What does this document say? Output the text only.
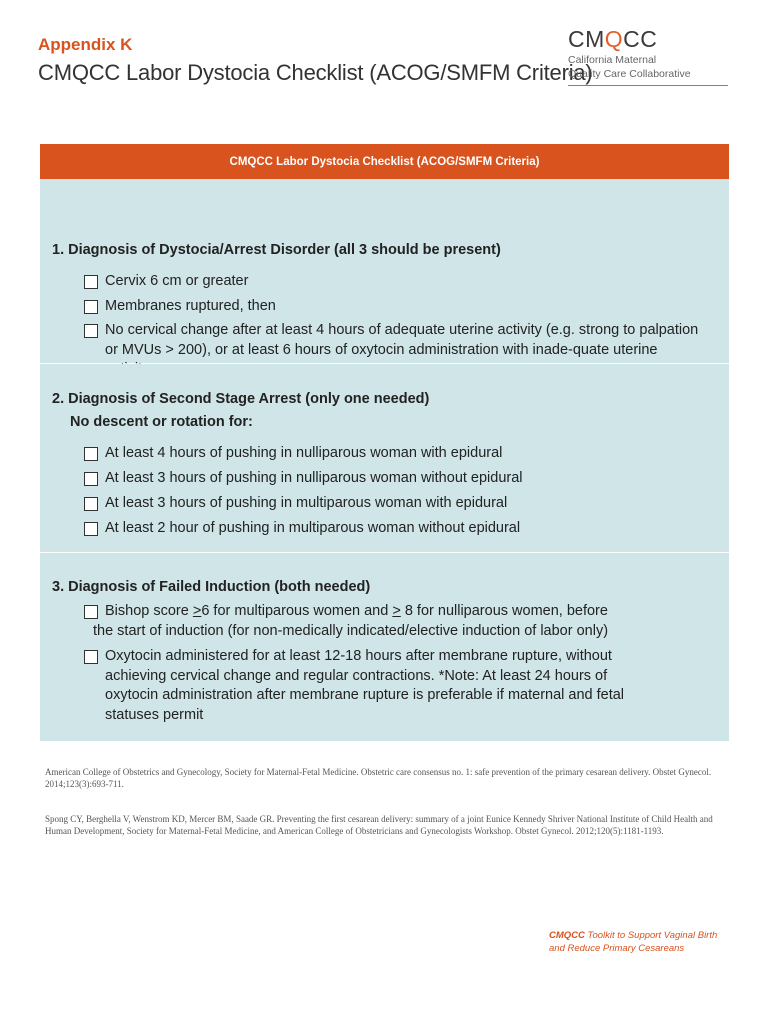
Appendix K
CMQCC Labor Dystocia Checklist (ACOG/SMFM Criteria)
CMQCC
California Maternal
Quality Care Collaborative
CMQCC Labor Dystocia Checklist (ACOG/SMFM Criteria)
1. Diagnosis of Dystocia/Arrest Disorder (all 3 should be present)
Cervix 6 cm or greater
Membranes ruptured, then
No cervical change after at least 4 hours of adequate uterine activity (e.g. strong to palpation or MVUs > 200), or at least 6 hours of oxytocin administration with inade-quate uterine
2. Diagnosis of Second Stage Arrest (only one needed)
No descent or rotation for:
At least 4 hours of pushing in nulliparous woman with epidural
At least 3 hours of pushing in nulliparous woman without epidural
At least 3 hours of pushing in multiparous woman with epidural
At least 2 hour of pushing in multiparous woman without epidural
3. Diagnosis of Failed Induction (both needed)
Bishop score ≥6 for multiparous women and ≥ 8 for nulliparous women, before
the start of induction (for non-medically indicated/elective induction of labor only)
Oxytocin administered for at least 12-18 hours after membrane rupture, without achieving cervical change and regular contractions. *Note: At least 24 hours of oxytocin administration after membrane rupture is preferable if maternal and fetal statuses permit
American College of Obstetrics and Gynecology, Society for Maternal-Fetal Medicine. Obstetric care consensus no. 1: safe prevention of the primary cesarean delivery. Obstet Gynecol. 2014;123(3):693-711.
Spong CY, Berghella V, Wenstrom KD, Mercer BM, Saade GR. Preventing the first cesarean delivery: summary of a joint Eunice Kennedy Shriver National Institute of Child Health and Human Development, Society for Maternal-Fetal Medicine, and American College of Obstetricians and Gynecologists Workshop. Obstet Gynecol. 2012;120(5):1181-1193.
CMQCC Toolkit to Support Vaginal Birth
and Reduce Primary Cesareans
